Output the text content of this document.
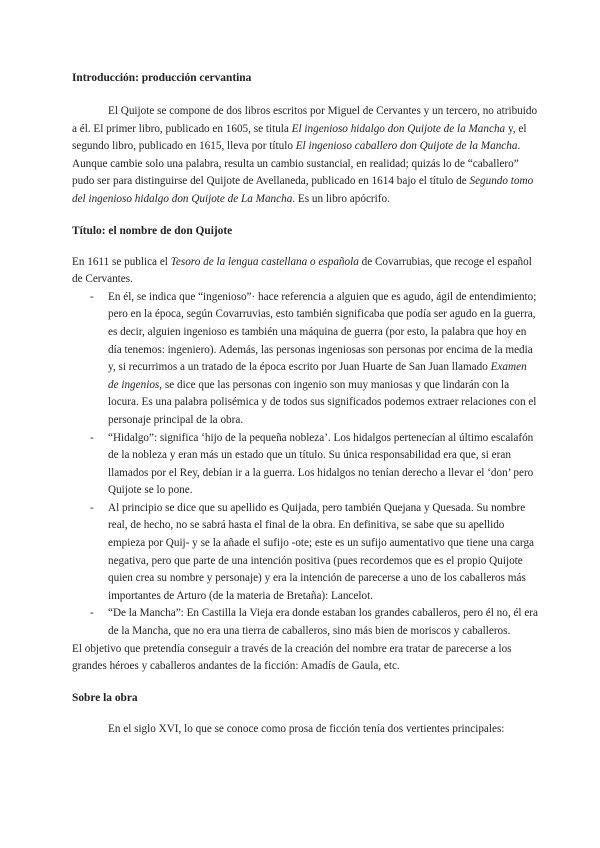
Introducción: producción cervantina

El Quijote se compone de dos libros escritos por Miguel de Cervantes y un tercero, no atribuido a él. El primer libro, publicado en 1605, se titula El ingenioso hidalgo don Quijote de la Mancha y, el segundo libro, publicado en 1615, lleva por título El ingenioso caballero don Quijote de la Mancha. Aunque cambie solo una palabra, resulta un cambio sustancial, en realidad; quizás lo de “caballero” pudo ser para distinguirse del Quijote de Avellaneda, publicado en 1614 bajo el título de Segundo tomo del ingenioso hidalgo don Quijote de La Mancha. Es un libro apócrifo.

Título: el nombre de don Quijote

En 1611 se publica el Tesoro de la lengua castellana o española de Covarrubias, que recoge el español de Cervantes.

- En él, se indica que “ingenioso”· hace referencia a alguien que es agudo, ágil de entendimiento; pero en la época, según Covarruvias, esto también significaba que podía ser agudo en la guerra, es decir, alguien ingenioso es también una máquina de guerra (por esto, la palabra que hoy en día tenemos: ingeniero). Además, las personas ingeniosas son personas por encima de la media y, si recurrimos a un tratado de la época escrito por Juan Huarte de San Juan llamado Examen de ingenios, se dice que las personas con ingenio son muy maniosas y que lindarán con la locura. Es una palabra polisémica y de todos sus significados podemos extraer relaciones con el personaje principal de la obra.
- “Hidalgo”: significa ‘hijo de la pequeña nobleza’. Los hidalgos pertenecían al último escalafón de la nobleza y eran más un estado que un título. Su única responsabilidad era que, si eran llamados por el Rey, debían ir a la guerra. Los hidalgos no tenían derecho a llevar el ‘don’ pero Quijote se lo pone.
- Al principio se dice que su apellido es Quijada, pero también Quejana y Quesada. Su nombre real, de hecho, no se sabrá hasta el final de la obra. En definitiva, se sabe que su apellido empieza por Quij- y se la añade el sufijo -ote; este es un sufijo aumentativo que tiene una carga negativa, pero que parte de una intención positiva (pues recordemos que es el propio Quijote quien crea su nombre y personaje) y era la intención de parecerse a uno de los caballeros más importantes de Arturo (de la materia de Bretaña): Lancelot.
- “De la Mancha”: En Castilla la Vieja era donde estaban los grandes caballeros, pero él no, él era de la Mancha, que no era una tierra de caballeros, sino más bien de moriscos y caballeros.

El objetivo que pretendía conseguir a través de la creación del nombre era tratar de parecerse a los grandes héroes y caballeros andantes de la ficción: Amadís de Gaula, etc.

Sobre la obra

En el siglo XVI, lo que se conoce como prosa de ficción tenía dos vertientes principales:
